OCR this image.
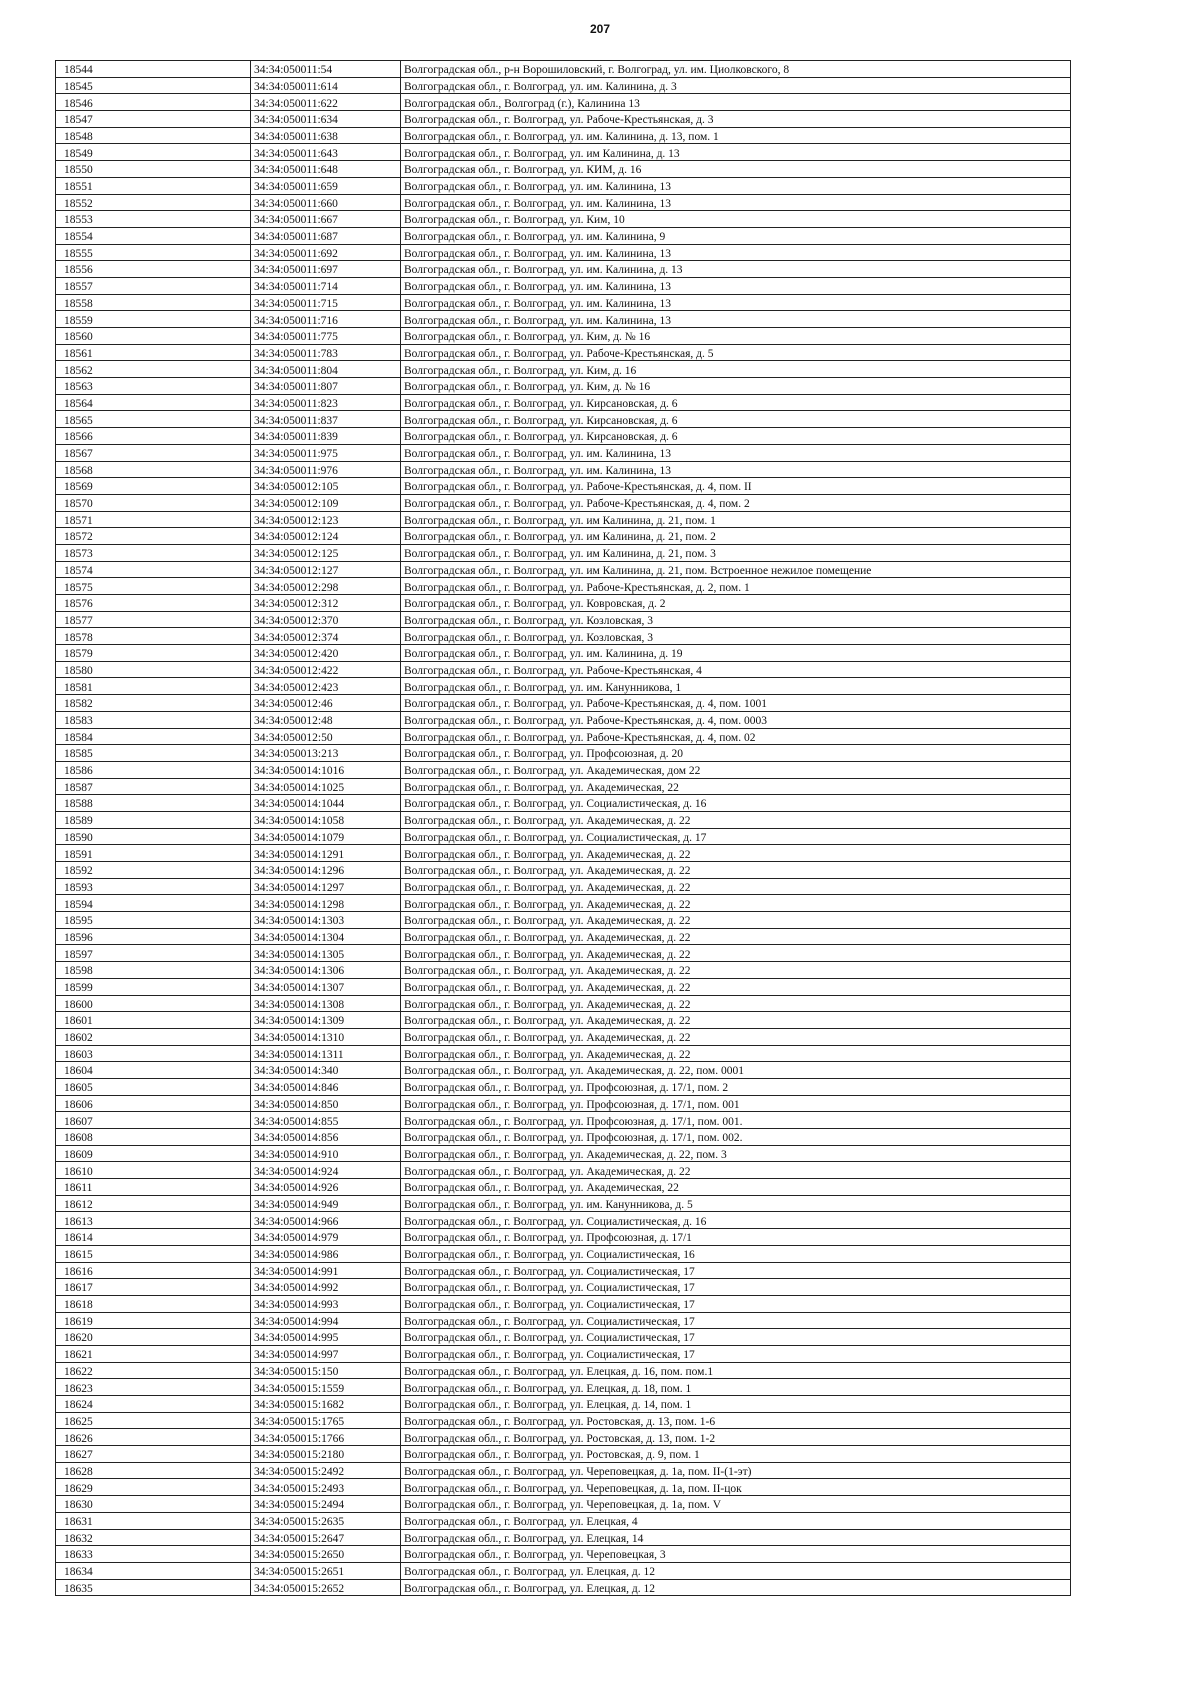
207
18544	34:34:050011:54	Волгоградская обл., р-н Ворошиловский, г. Волгоград, ул. им. Циолковского, 8
18545	34:34:050011:614	Волгоградская обл., г. Волгоград, ул. им. Калинина, д. 3
18546	34:34:050011:622	Волгоградская обл., Волгоград (г.), Калинина 13
18547	34:34:050011:634	Волгоградская обл., г. Волгоград, ул. Рабоче-Крестьянская, д. 3
18548	34:34:050011:638	Волгоградская обл., г. Волгоград, ул. им. Калинина, д. 13, пом. 1
18549	34:34:050011:643	Волгоградская обл., г. Волгоград, ул. им Калинина, д. 13
18550	34:34:050011:648	Волгоградская обл., г. Волгоград, ул. КИМ, д. 16
18551	34:34:050011:659	Волгоградская обл., г. Волгоград, ул. им. Калинина, 13
18552	34:34:050011:660	Волгоградская обл., г. Волгоград, ул. им. Калинина, 13
18553	34:34:050011:667	Волгоградская обл., г. Волгоград, ул. Ким, 10
18554	34:34:050011:687	Волгоградская обл., г. Волгоград, ул. им. Калинина, 9
18555	34:34:050011:692	Волгоградская обл., г. Волгоград, ул. им. Калинина, 13
18556	34:34:050011:697	Волгоградская обл., г. Волгоград, ул. им. Калинина, д. 13
18557	34:34:050011:714	Волгоградская обл., г. Волгоград, ул. им. Калинина, 13
18558	34:34:050011:715	Волгоградская обл., г. Волгоград, ул. им. Калинина, 13
18559	34:34:050011:716	Волгоградская обл., г. Волгоград, ул. им. Калинина, 13
18560	34:34:050011:775	Волгоградская обл., г. Волгоград, ул. Ким, д. № 16
18561	34:34:050011:783	Волгоградская обл., г. Волгоград, ул. Рабоче-Крестьянская, д. 5
18562	34:34:050011:804	Волгоградская обл., г. Волгоград, ул. Ким, д. 16
18563	34:34:050011:807	Волгоградская обл., г. Волгоград, ул. Ким, д. № 16
18564	34:34:050011:823	Волгоградская обл., г. Волгоград, ул. Кирсановская, д. 6
18565	34:34:050011:837	Волгоградская обл., г. Волгоград, ул. Кирсановская, д. 6
18566	34:34:050011:839	Волгоградская обл., г. Волгоград, ул. Кирсановская, д. 6
18567	34:34:050011:975	Волгоградская обл., г. Волгоград, ул. им. Калинина, 13
18568	34:34:050011:976	Волгоградская обл., г. Волгоград, ул. им. Калинина, 13
18569	34:34:050012:105	Волгоградская обл., г. Волгоград, ул. Рабоче-Крестьянская, д. 4, пом. II
18570	34:34:050012:109	Волгоградская обл., г. Волгоград, ул. Рабоче-Крестьянская, д. 4, пом. 2
18571	34:34:050012:123	Волгоградская обл., г. Волгоград, ул. им Калинина, д. 21, пом. 1
18572	34:34:050012:124	Волгоградская обл., г. Волгоград, ул. им Калинина, д. 21, пом. 2
18573	34:34:050012:125	Волгоградская обл., г. Волгоград, ул. им Калинина, д. 21, пом. 3
18574	34:34:050012:127	Волгоградская обл., г. Волгоград, ул. им Калинина, д. 21, пом. Встроенное нежилое помещение
18575	34:34:050012:298	Волгоградская обл., г. Волгоград, ул. Рабоче-Крестьянская, д. 2, пом. 1
18576	34:34:050012:312	Волгоградская обл., г. Волгоград, ул. Ковровская, д. 2
18577	34:34:050012:370	Волгоградская обл., г. Волгоград, ул. Козловская, 3
18578	34:34:050012:374	Волгоградская обл., г. Волгоград, ул. Козловская, 3
18579	34:34:050012:420	Волгоградская обл., г. Волгоград, ул. им. Калинина, д. 19
18580	34:34:050012:422	Волгоградская обл., г. Волгоград, ул. Рабоче-Крестьянская, 4
18581	34:34:050012:423	Волгоградская обл., г. Волгоград, ул. им. Канунникова, 1
18582	34:34:050012:46	Волгоградская обл., г. Волгоград, ул. Рабоче-Крестьянская, д. 4, пом. 1001
18583	34:34:050012:48	Волгоградская обл., г. Волгоград, ул. Рабоче-Крестьянская, д. 4, пом. 0003
18584	34:34:050012:50	Волгоградская обл., г. Волгоград, ул. Рабоче-Крестьянская, д. 4, пом. 02
18585	34:34:050013:213	Волгоградская обл., г. Волгоград, ул. Профсоюзная, д. 20
18586	34:34:050014:1016	Волгоградская обл., г. Волгоград, ул. Академическая, дом 22
18587	34:34:050014:1025	Волгоградская обл., г. Волгоград, ул. Академическая, 22
18588	34:34:050014:1044	Волгоградская обл., г. Волгоград, ул. Социалистическая, д. 16
18589	34:34:050014:1058	Волгоградская обл., г. Волгоград, ул. Академическая, д. 22
18590	34:34:050014:1079	Волгоградская обл., г. Волгоград, ул. Социалистическая, д. 17
18591	34:34:050014:1291	Волгоградская обл., г. Волгоград, ул. Академическая, д. 22
18592	34:34:050014:1296	Волгоградская обл., г. Волгоград, ул. Академическая, д. 22
18593	34:34:050014:1297	Волгоградская обл., г. Волгоград, ул. Академическая, д. 22
18594	34:34:050014:1298	Волгоградская обл., г. Волгоград, ул. Академическая, д. 22
18595	34:34:050014:1303	Волгоградская обл., г. Волгоград, ул. Академическая, д. 22
18596	34:34:050014:1304	Волгоградская обл., г. Волгоград, ул. Академическая, д. 22
18597	34:34:050014:1305	Волгоградская обл., г. Волгоград, ул. Академическая, д. 22
18598	34:34:050014:1306	Волгоградская обл., г. Волгоград, ул. Академическая, д. 22
18599	34:34:050014:1307	Волгоградская обл., г. Волгоград, ул. Академическая, д. 22
18600	34:34:050014:1308	Волгоградская обл., г. Волгоград, ул. Академическая, д. 22
18601	34:34:050014:1309	Волгоградская обл., г. Волгоград, ул. Академическая, д. 22
18602	34:34:050014:1310	Волгоградская обл., г. Волгоград, ул. Академическая, д. 22
18603	34:34:050014:1311	Волгоградская обл., г. Волгоград, ул. Академическая, д. 22
18604	34:34:050014:340	Волгоградская обл., г. Волгоград, ул. Академическая, д. 22, пом. 0001
18605	34:34:050014:846	Волгоградская обл., г. Волгоград, ул. Профсоюзная, д. 17/1, пом. 2
18606	34:34:050014:850	Волгоградская обл., г. Волгоград, ул. Профсоюзная, д. 17/1, пом. 001
18607	34:34:050014:855	Волгоградская обл., г. Волгоград, ул. Профсоюзная, д. 17/1, пом. 001.
18608	34:34:050014:856	Волгоградская обл., г. Волгоград, ул. Профсоюзная, д. 17/1, пом. 002.
18609	34:34:050014:910	Волгоградская обл., г. Волгоград, ул. Академическая, д. 22, пом. 3
18610	34:34:050014:924	Волгоградская обл., г. Волгоград, ул. Академическая, д. 22
18611	34:34:050014:926	Волгоградская обл., г. Волгоград, ул. Академическая, 22
18612	34:34:050014:949	Волгоградская обл., г. Волгоград, ул. им. Канунникова, д. 5
18613	34:34:050014:966	Волгоградская обл., г. Волгоград, ул. Социалистическая, д. 16
18614	34:34:050014:979	Волгоградская обл., г. Волгоград, ул. Профсоюзная, д. 17/1
18615	34:34:050014:986	Волгоградская обл., г. Волгоград, ул. Социалистическая, 16
18616	34:34:050014:991	Волгоградская обл., г. Волгоград, ул. Социалистическая, 17
18617	34:34:050014:992	Волгоградская обл., г. Волгоград, ул. Социалистическая, 17
18618	34:34:050014:993	Волгоградская обл., г. Волгоград, ул. Социалистическая, 17
18619	34:34:050014:994	Волгоградская обл., г. Волгоград, ул. Социалистическая, 17
18620	34:34:050014:995	Волгоградская обл., г. Волгоград, ул. Социалистическая, 17
18621	34:34:050014:997	Волгоградская обл., г. Волгоград, ул. Социалистическая, 17
18622	34:34:050015:150	Волгоградская обл., г. Волгоград, ул. Елецкая, д. 16, пом. пом.1
18623	34:34:050015:1559	Волгоградская обл., г. Волгоград, ул. Елецкая, д. 18, пом. 1
18624	34:34:050015:1682	Волгоградская обл., г. Волгоград, ул. Елецкая, д. 14, пом. 1
18625	34:34:050015:1765	Волгоградская обл., г. Волгоград, ул. Ростовская, д. 13, пом. 1-6
18626	34:34:050015:1766	Волгоградская обл., г. Волгоград, ул. Ростовская, д. 13, пом. 1-2
18627	34:34:050015:2180	Волгоградская обл., г. Волгоград, ул. Ростовская, д. 9, пом. 1
18628	34:34:050015:2492	Волгоградская обл., г. Волгоград, ул. Череповецкая, д. 1а, пом. II-(1-эт)
18629	34:34:050015:2493	Волгоградская обл., г. Волгоград, ул. Череповецкая, д. 1а, пом. II-цок
18630	34:34:050015:2494	Волгоградская обл., г. Волгоград, ул. Череповецкая, д. 1а, пом. V
18631	34:34:050015:2635	Волгоградская обл., г. Волгоград, ул. Елецкая, 4
18632	34:34:050015:2647	Волгоградская обл., г. Волгоград, ул. Елецкая, 14
18633	34:34:050015:2650	Волгоградская обл., г. Волгоград, ул. Череповецкая, 3
18634	34:34:050015:2651	Волгоградская обл., г. Волгоград, ул. Елецкая, д. 12
18635	34:34:050015:2652	Волгоградская обл., г. Волгоград, ул. Елецкая, д. 12
